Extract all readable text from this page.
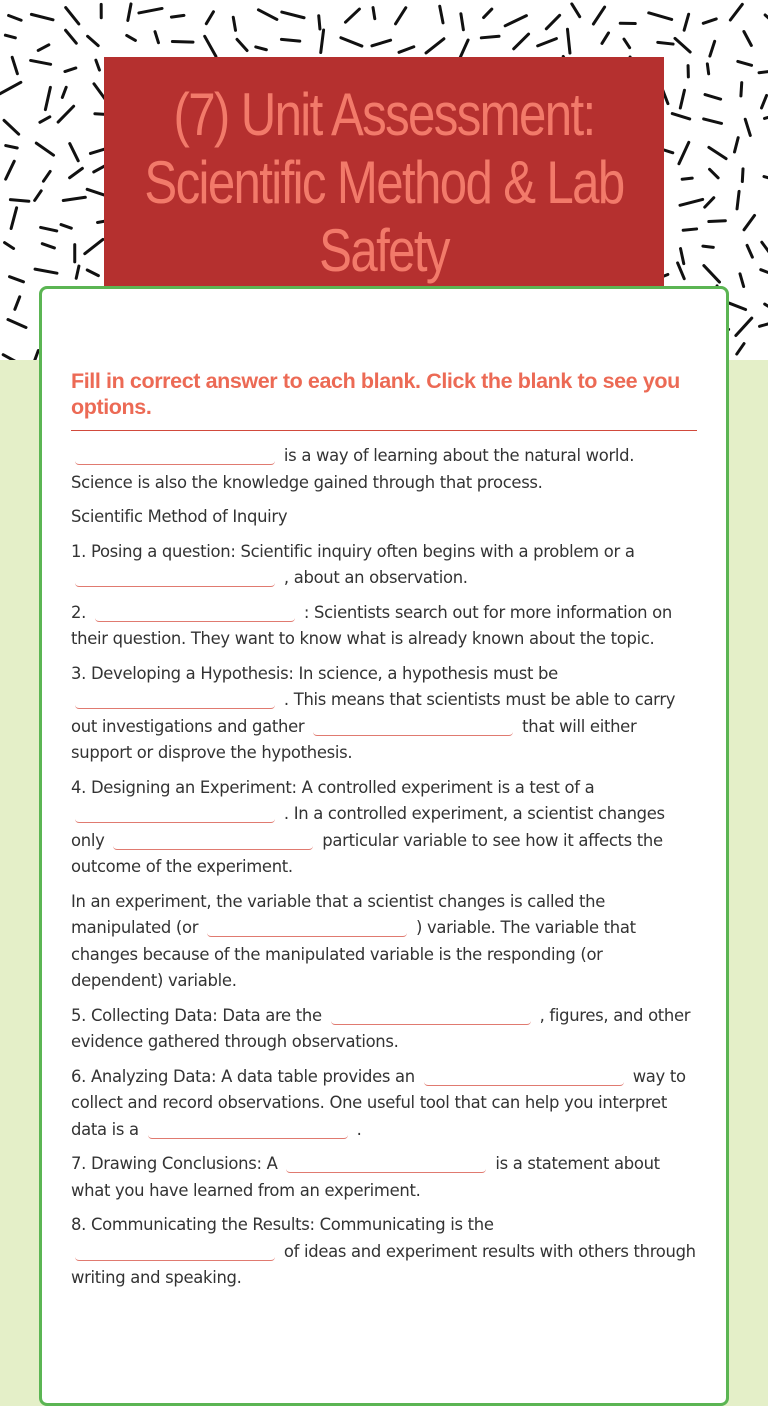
(7) Unit Assessment: Scientific Method & Lab Safety
Fill in correct answer to each blank. Click the blank to see you options.
is a way of learning about the natural world. Science is also the knowledge gained through that process.
Scientific Method of Inquiry
1. Posing a question: Scientific inquiry often begins with a problem or a  , about an observation.
2.	: Scientists search out for more information on their question. They want to know what is already known about the topic.
3. Developing a Hypothesis: In science, a hypothesis must be  . This means that scientists must be able to carry out investigations and gather	that will either support or disprove the hypothesis.
4. Designing an Experiment: A controlled experiment is a test of a  . In a controlled experiment, a scientist changes only	particular variable to see how it affects the outcome of the experiment.
In an experiment, the variable that a scientist changes is called the manipulated (or	) variable. The variable that changes because of the manipulated variable is the responding (or dependent) variable.
5. Collecting Data: Data are the	, figures, and other evidence gathered through observations.
6. Analyzing Data: A data table provides an	way to collect and record observations. One useful tool that can help you interpret data is a	.
7. Drawing Conclusions: A	is a statement about what you have learned from an experiment.
8. Communicating the Results: Communicating is the  of ideas and experiment results with others through writing and speaking.
